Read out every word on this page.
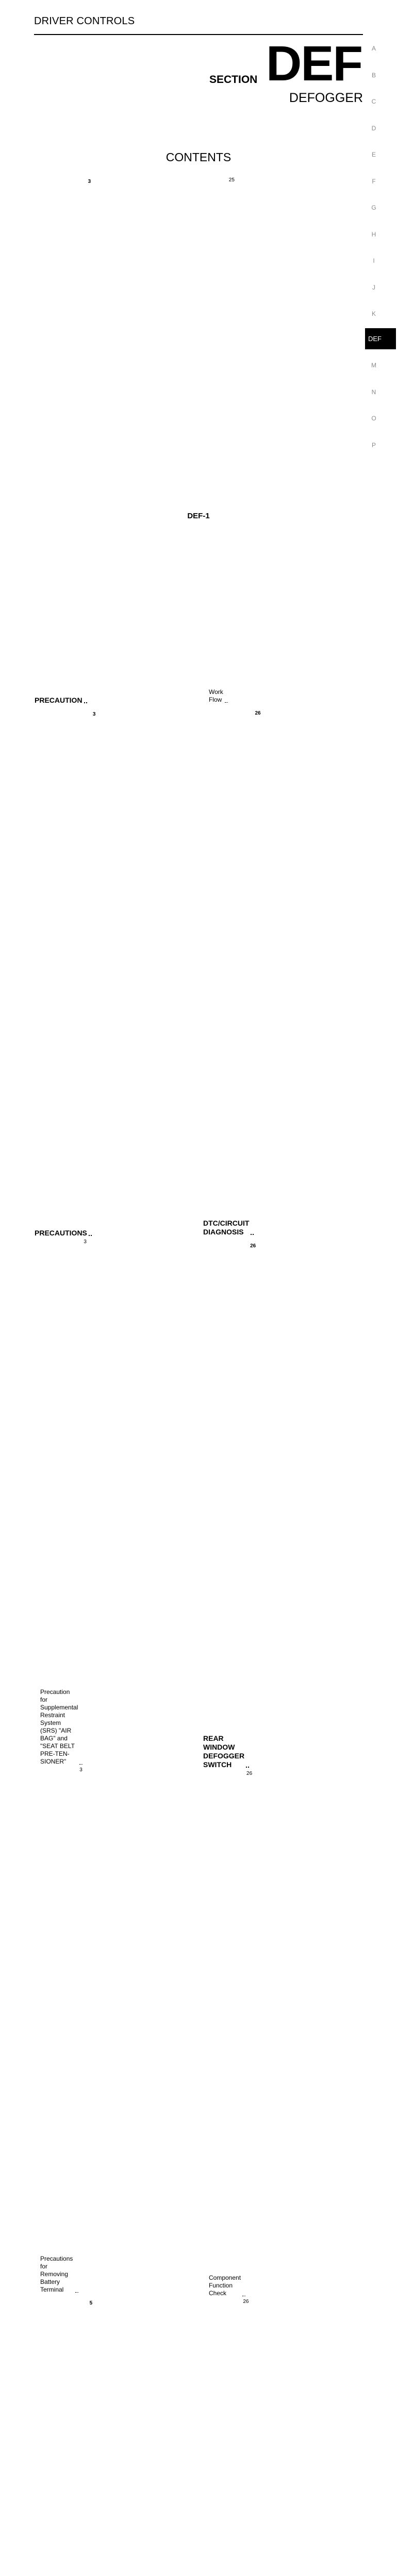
DRIVER CONTROLS
SECTION DEF
DEFOGGER
CONTENTS
PRECAUTION
3
PRECAUTIONS
3
Precaution for Supplemental Restraint System
(SRS) "AIR BAG" and "SEAT BELT PRE-TEN-
SIONER"
3
Precautions for Removing Battery Terminal
3
5
Work Flow
25
DTC/CIRCUIT DIAGNOSIS
26
REAR WINDOW DEFOGGER SWITCH
26
Component Function Check
26
26
DEF
A
B
C
D
E
F
G
H
I
J
K
M
N
O
P
DEF-1
